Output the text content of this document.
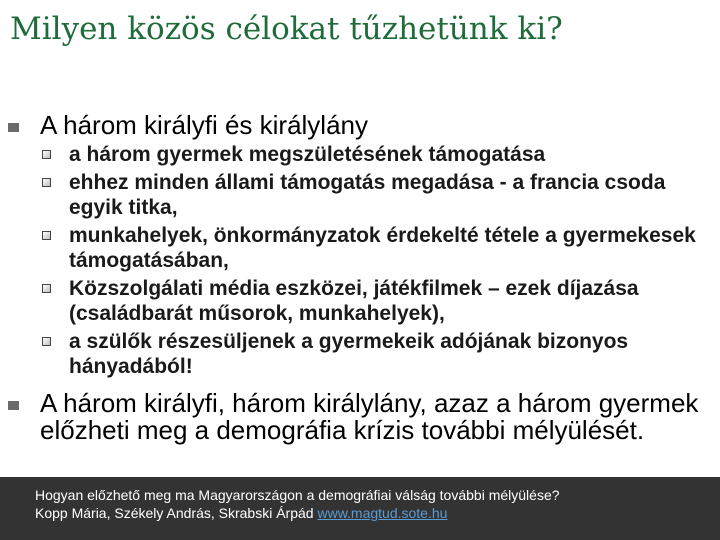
Milyen közös célokat tűzhetünk ki?
A három királyfi és királylány
a három gyermek megszületésének támogatása
ehhez minden állami támogatás megadása - a francia csoda egyik titka,
munkahelyek, önkormányzatok érdekelté tétele a gyermekesek támogatásában,
Közszolgálati média eszközei, játékfilmek – ezek díjazása (családbarát műsorok, munkahelyek),
a szülők részesüljenek a gyermekeik adójának bizonyos hányadából!
A három királyfi, három királylány, azaz a három gyermek előzheti meg a demográfia krízis további mélyülését.
Hogyan előzhető meg ma Magyarországon a demográfiai válság további mélyülése?
Kopp Mária, Székely András, Skrabski Árpád www.magtud.sote.hu
